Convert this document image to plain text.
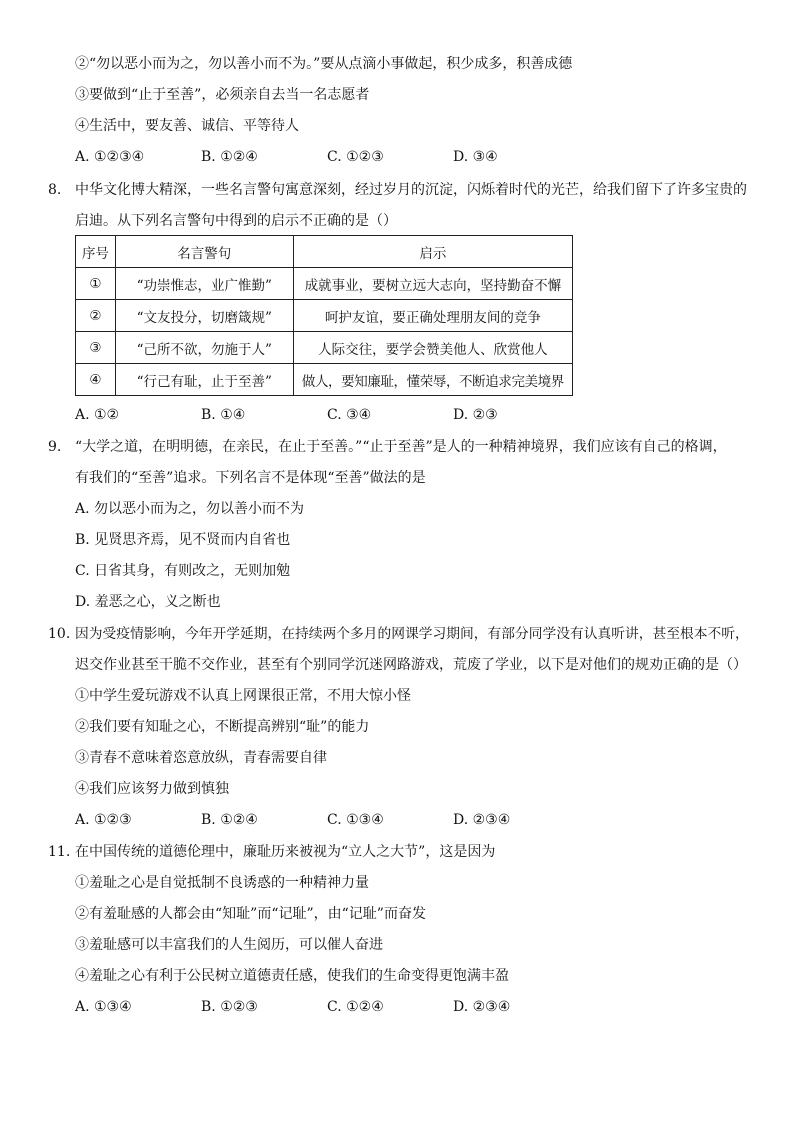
②“勿以恶小而为之，勿以善小而不为。”要从点滴小事做起，积少成多，积善成德
③要做到“止于至善”，必须亲自去当一名志愿者
④生活中，要友善、诚信、平等待人
A. ①②③④	B. ①②④	C. ①②③	D. ③④
8. 中华文化博大精深，一些名言警句寓意深刻，经过岁月的沉淀，闪烁着时代的光芒，给我们留下了许多宝贵的
启迪。从下列名言警句中得到的启示不正确的是（）
序号	名言警句	启示
①	“功崇惟志，业广惟勤”	成就事业，要树立远大志向，坚持勤奋不懈
②	“文友投分，切磨箴规”	呵护友谊，要正确处理朋友间的竞争
③	“己所不欲，勿施于人”	人际交往，要学会赞美他人、欣赏他人
④	“行己有耻，止于至善”	做人，要知廉耻，懂荣辱，不断追求完美境界
A. ①②	B. ①④	C. ③④	D. ②③
9. “大学之道，在明明德，在亲民，在止于至善。”“止于至善”是人的一种精神境界，我们应该有自己的格调，
有我们的“至善”追求。下列名言不是体现“至善”做法的是
A. 勿以恶小而为之，勿以善小而不为
B. 见贤思齐焉，见不贤而内自省也
C. 日省其身，有则改之，无则加勉
D. 羞恶之心，义之断也
10. 因为受疫情影响，今年开学延期，在持续两个多月的网课学习期间，有部分同学没有认真听讲，甚至根本不听，
迟交作业甚至干脆不交作业，甚至有个别同学沉迷网路游戏，荒废了学业，以下是对他们的规劝正确的是（）
①中学生爱玩游戏不认真上网课很正常，不用大惊小怪
②我们要有知耻之心，不断提高辨别“耻”的能力
③青春不意味着恣意放纵，青春需要自律
④我们应该努力做到慎独
A. ①②③	B. ①②④	C. ①③④	D. ②③④
11. 在中国传统的道德伦理中，廉耻历来被视为“立人之大节”，这是因为
①羞耻之心是自觉抵制不良诱惑的一种精神力量
②有羞耻感的人都会由“知耻”而“记耻”，由“记耻”而奋发
③羞耻感可以丰富我们的人生阅历，可以催人奋进
④羞耻之心有利于公民树立道德责任感，使我们的生命变得更饱满丰盈
A. ①③④	B. ①②③	C. ①②④	D. ②③④
